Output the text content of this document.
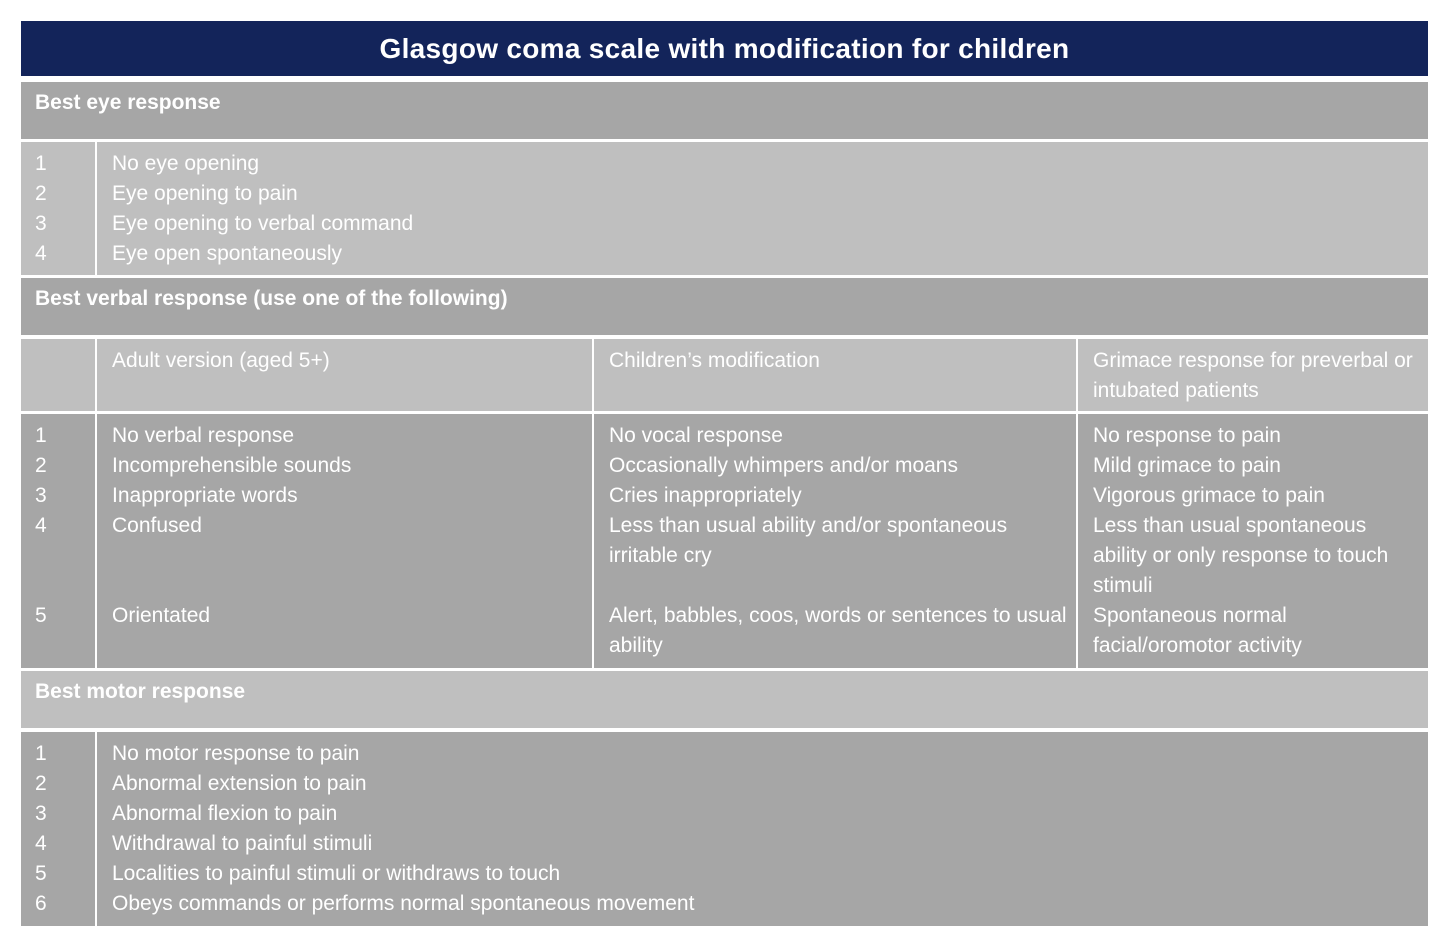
Glasgow coma scale with modification for children
Best eye response
1
2
3
4
No eye opening
Eye opening to pain
Eye opening to verbal command
Eye open spontaneously
Best verbal response (use one of the following)
Adult version (aged 5+)	Children’s modification	Grimace response for preverbal or intubated patients
1
2
3
4
5
No verbal response
Incomprehensible sounds
Inappropriate words
Confused
Orientated
No vocal response
Occasionally whimpers and/or moans
Cries inappropriately
Less than usual ability and/or spontaneous irritable cry
Alert, babbles, coos, words or sentences to usual ability
No response to pain
Mild grimace to pain
Vigorous grimace to pain
Less than usual spontaneous ability or only response to touch stimuli
Spontaneous normal facial/oromotor activity
Best motor response
1
2
3
4
5
6
No motor response to pain
Abnormal extension to pain
Abnormal flexion to pain
Withdrawal to painful stimuli
Localities to painful stimuli or withdraws to touch
Obeys commands or performs normal spontaneous movement
